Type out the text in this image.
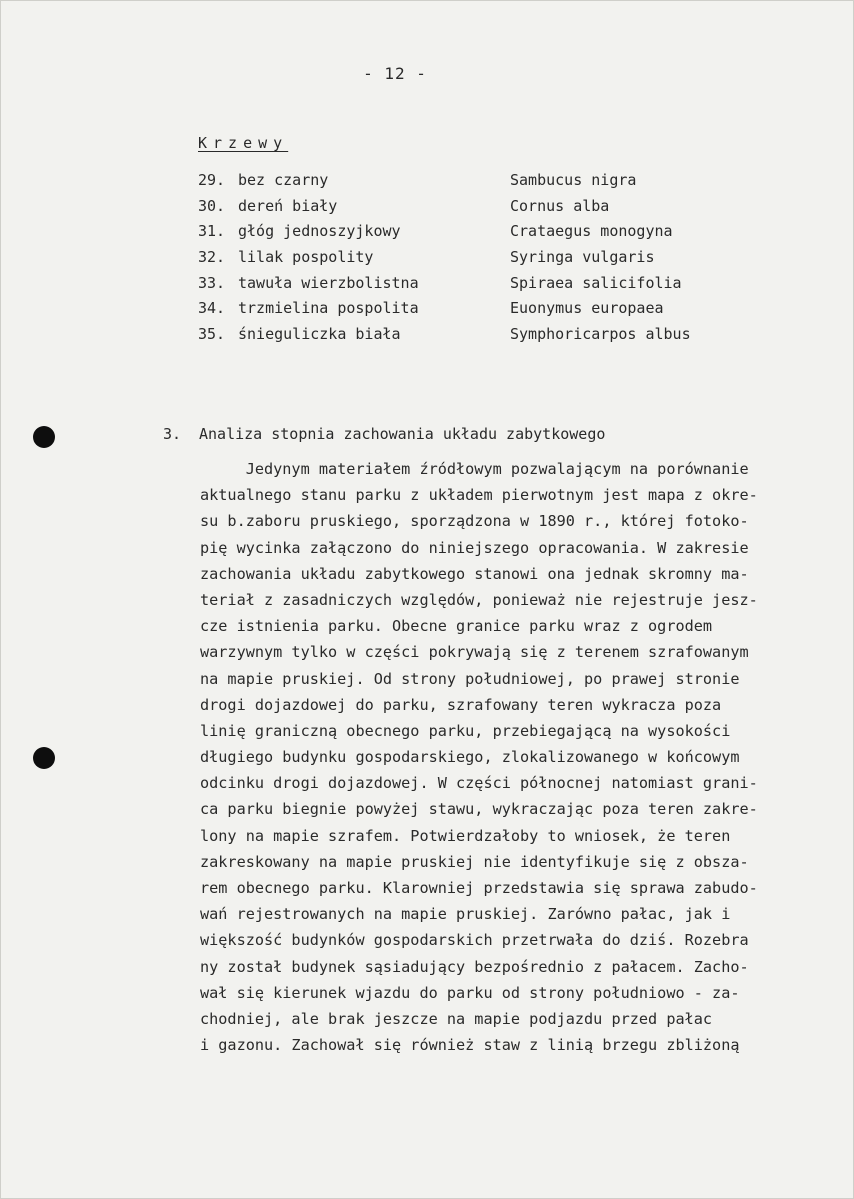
- 12 -
Krzewy
29. bez czarny	Sambucus nigra
30. dereń biały	Cornus alba
31. głóg jednoszyjkowy	Crataegus monogyna
32. lilak pospolity	Syringa vulgaris
33. tawuła wierzbolistna	Spiraea salicifolia
34. trzmielina pospolita	Euonymus europaea
35. śnieguliczka biała	Symphoricarpos albus
3. Analiza stopnia zachowania układu zabytkowego
Jedynym materiałem źródłowym pozwalającym na porównanie
aktualnego stanu parku z układem pierwotnym jest mapa z okre-
su b.zaboru pruskiego, sporządzona w 1890 r., której fotoko-
pię wycinka załączono do niniejszego opracowania. W zakresie
zachowania układu zabytkowego stanowi ona jednak skromny ma-
teriał z zasadniczych względów, ponieważ nie rejestruje jesz-
cze istnienia parku. Obecne granice parku wraz z ogrodem
warzywnym tylko w części pokrywają się z terenem szrafowanym
na mapie pruskiej. Od strony południowej, po prawej stronie
drogi dojazdowej do parku, szrafowany teren wykracza poza
linię graniczną obecnego parku, przebiegającą na wysokości
długiego budynku gospodarskiego, zlokalizowanego w końcowym
odcinku drogi dojazdowej. W części północnej natomiast grani-
ca parku biegnie powyżej stawu, wykraczając poza teren zakre-
lony na mapie szrafem. Potwierdzałoby to wniosek, że teren
zakreskowany na mapie pruskiej nie identyfikuje się z obsza-
rem obecnego parku. Klarowniej przedstawia się sprawa zabudo-
wań rejestrowanych na mapie pruskiej. Zarówno pałac, jak i
większość budynków gospodarskich przetrwała do dziś. Rozebra
ny został budynek sąsiadujący bezpośrednio z pałacem. Zacho-
wał się kierunek wjazdu do parku od strony południowo - za-
chodniej, ale brak jeszcze na mapie podjazdu przed pałac
i gazonu. Zachował się również staw z linią brzegu zbliżoną
